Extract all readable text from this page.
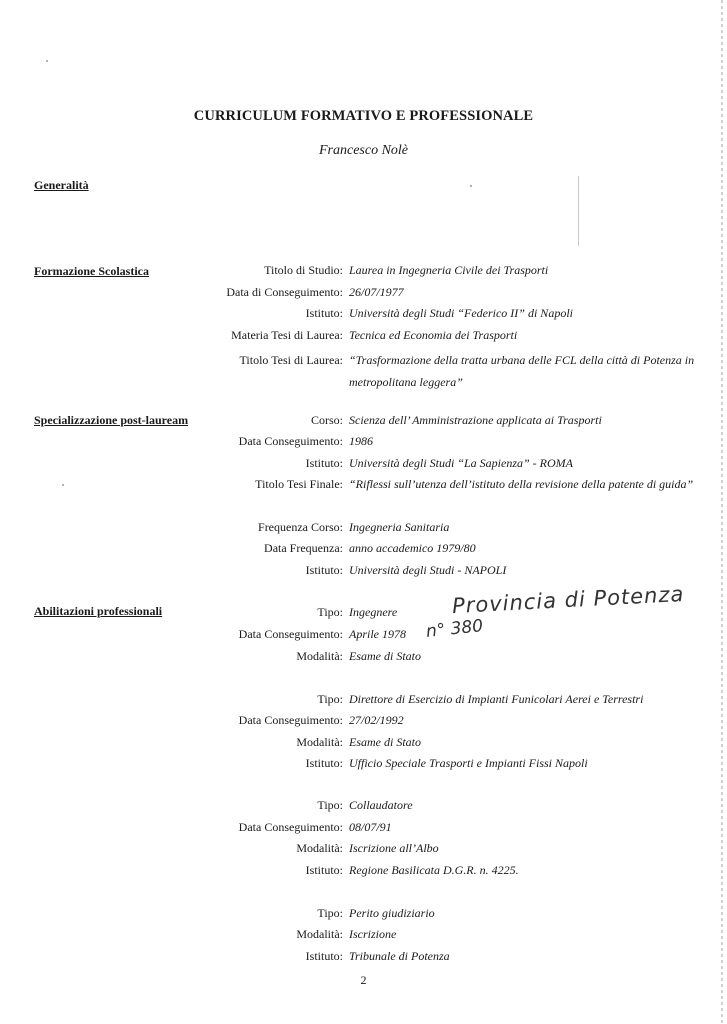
CURRICULUM FORMATIVO E PROFESSIONALE
Francesco Nolè
Generalità
Formazione Scolastica
Specializzazione post-lauream
Abilitazioni professionali
Titolo di Studio: Laurea in Ingegneria Civile dei Trasporti
Data di Conseguimento: 26/07/1977
Istituto: Università degli Studi “Federico II” di Napoli
Materia Tesi di Laurea: Tecnica ed Economia dei Trasporti
Titolo Tesi di Laurea: “Trasformazione della tratta urbana delle FCL della città di Potenza in metropolitana leggera”
Corso: Scienza dell’ Amministrazione applicata ai Trasporti
Data Conseguimento: 1986
Istituto: Università degli Studi “La Sapienza” - ROMA
Titolo Tesi Finale: “Riflessi sull’utenza dell’istituto della revisione della patente di guida”
Frequenza Corso: Ingegneria Sanitaria
Data Frequenza: anno accademico 1979/80
Istituto: Università degli Studi - NAPOLI
Tipo: Ingegnere
Data Conseguimento: Aprile 1978
Modalità: Esame di Stato
Tipo: Direttore di Esercizio di Impianti Funicolari Aerei e Terrestri
Data Conseguimento: 27/02/1992
Modalità: Esame di Stato
Istituto: Ufficio Speciale Trasporti e Impianti Fissi Napoli
Tipo: Collaudatore
Data Conseguimento: 08/07/91
Modalità: Iscrizione all’Albo
Istituto: Regione Basilicata D.G.R. n. 4225.
Tipo: Perito giudiziario
Modalità: Iscrizione
Istituto: Tribunale di Potenza
Provincia di Potenza
n° 380
2
